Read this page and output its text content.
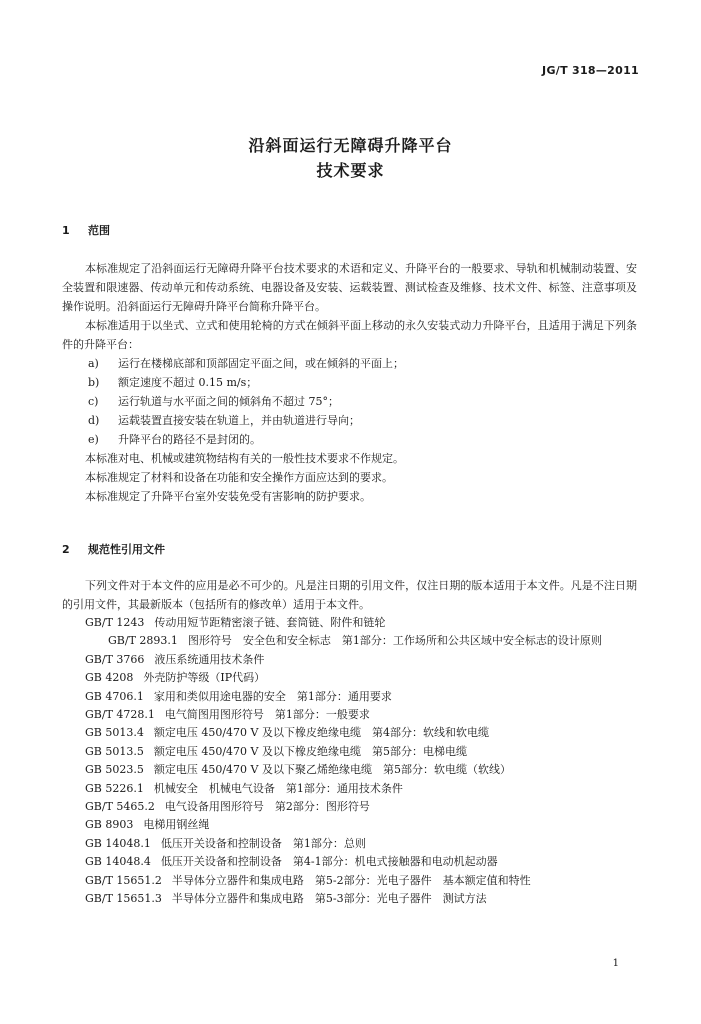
JG/T 318—2011
沿斜面运行无障碍升降平台
技术要求
1 范围

本标准规定了沿斜面运行无障碍升降平台技术要求的术语和定义、升降平台的一般要求、导轨和机械制动装置、安全装置和限速器、传动单元和传动系统、电器设备及安装、运载装置、测试检查及维修、技术文件、标签、注意事项及操作说明。沿斜面运行无障碍升降平台简称升降平台。

本标准适用于以坐式、立式和使用轮椅的方式在倾斜平面上移动的永久安装式动力升降平台，且适用于满足下列条件的升降平台：

a) 运行在楼梯底部和顶部固定平面之间，或在倾斜的平面上；

b) 额定速度不超过 0.15 m/s；

c) 运行轨道与水平面之间的倾斜角不超过 75°；

d) 运载装置直接安装在轨道上，并由轨道进行导向；

e) 升降平台的路径不是封闭的。

本标准对电、机械或建筑物结构有关的一般性技术要求不作规定。

本标准规定了材料和设备在功能和安全操作方面应达到的要求。

本标准规定了升降平台室外安装免受有害影响的防护要求。

2 规范性引用文件

下列文件对于本文件的应用是必不可少的。凡是注日期的引用文件，仅注日期的版本适用于本文件。凡是不注日期的引用文件，其最新版本（包括所有的修改单）适用于本文件。

GB/T 1243 传动用短节距精密滚子链、套筒链、附件和链轮

GB/T 2893.1 图形符号　安全色和安全标志　第1部分：工作场所和公共区域中安全标志的设计原则

GB/T 3766 液压系统通用技术条件

GB 4208 外壳防护等级（IP代码）

GB 4706.1 家用和类似用途电器的安全　第1部分：通用要求

GB/T 4728.1 电气简图用图形符号　第1部分：一般要求

GB 5013.4 额定电压 450/470 V 及以下橡皮绝缘电缆　第4部分：软线和软电缆

GB 5013.5 额定电压 450/470 V 及以下橡皮绝缘电缆　第5部分：电梯电缆

GB 5023.5 额定电压 450/470 V 及以下聚乙烯绝缘电缆　第5部分：软电缆（软线）

GB 5226.1 机械安全　机械电气设备　第1部分：通用技术条件

GB/T 5465.2 电气设备用图形符号　第2部分：图形符号

GB 8903 电梯用钢丝绳

GB 14048.1 低压开关设备和控制设备　第1部分：总则

GB 14048.4 低压开关设备和控制设备　第4-1部分：机电式接触器和电动机起动器

GB/T 15651.2 半导体分立器件和集成电路　第5-2部分：光电子器件　基本额定值和特性

GB/T 15651.3 半导体分立器件和集成电路　第5-3部分：光电子器件　测试方法

1
